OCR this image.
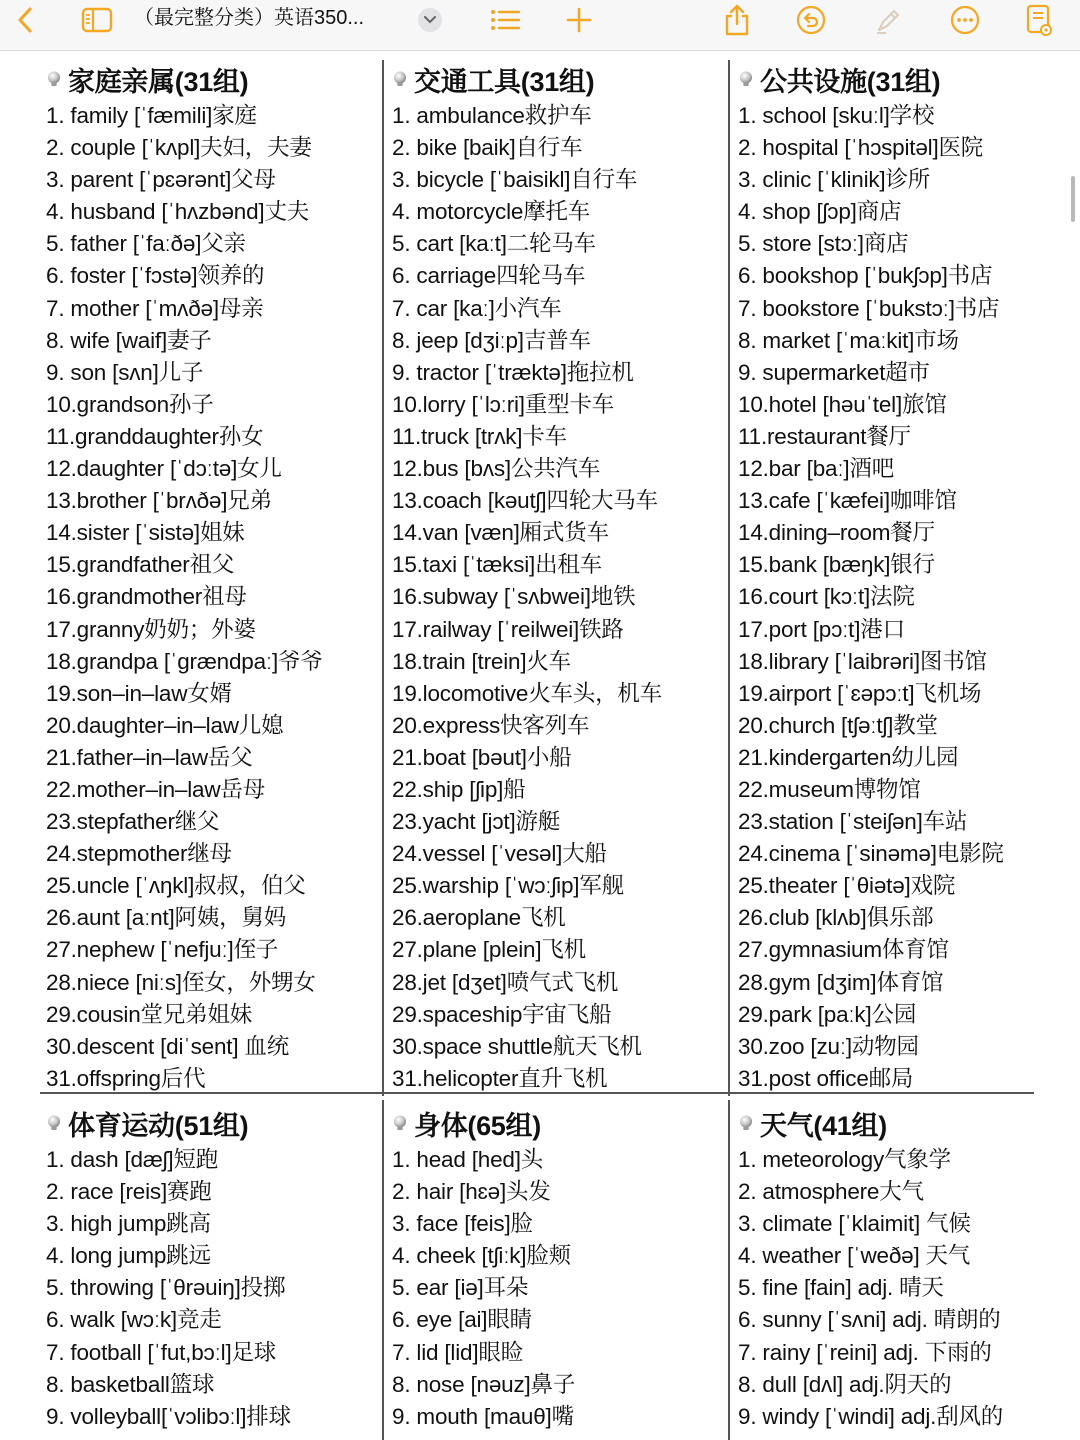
（最完整分类）英语350...
家庭亲属(31组)
1. family [ˈfæmili]家庭
2. couple [ˈkʌpl]夫妇，夫妻
3. parent [ˈpɛərənt]父母
4. husband [ˈhʌzbənd]丈夫
5. father [ˈfaːðə]父亲
6. foster [ˈfɔstə]领养的
7. mother [ˈmʌðə]母亲
8. wife [waif]妻子
9. son [sʌn]儿子
10.grandson孙子
11.granddaughter孙女
12.daughter [ˈdɔːtə]女儿
13.brother [ˈbrʌðə]兄弟
14.sister [ˈsistə]姐妹
15.grandfather祖父
16.grandmother祖母
17.granny奶奶；外婆
18.grandpa [ˈgrændpaː]爷爷
19.son–in–law女婿
20.daughter–in–law儿媳
21.father–in–law岳父
22.mother–in–law岳母
23.stepfather继父
24.stepmother继母
25.uncle [ˈʌŋkl]叔叔，伯父
26.aunt [aːnt]阿姨，舅妈
27.nephew [ˈnefjuː]侄子
28.niece [niːs]侄女，外甥女
29.cousin堂兄弟姐妹
30.descent [diˈsent] 血统
31.offspring后代
交通工具(31组)
1. ambulance救护车
2. bike [baik]自行车
3. bicycle [ˈbaisikl]自行车
4. motorcycle摩托车
5. cart [kaːt]二轮马车
6. carriage四轮马车
7. car [kaː]小汽车
8. jeep [dʒiːp]吉普车
9. tractor [ˈtræktə]拖拉机
10.lorry [ˈlɔːri]重型卡车
11.truck [trʌk]卡车
12.bus [bʌs]公共汽车
13.coach [kəutʃ]四轮大马车
14.van [væn]厢式货车
15.taxi [ˈtæksi]出租车
16.subway [ˈsʌbwei]地铁
17.railway [ˈreilwei]铁路
18.train [trein]火车
19.locomotive火车头，机车
20.express快客列车
21.boat [bəut]小船
22.ship [ʃip]船
23.yacht [jɔt]游艇
24.vessel [ˈvesəl]大船
25.warship [ˈwɔːʃip]军舰
26.aeroplane飞机
27.plane [plein]飞机
28.jet [dʒet]喷气式飞机
29.spaceship宇宙飞船
30.space shuttle航天飞机
31.helicopter直升飞机
公共设施(31组)
1. school [skuːl]学校
2. hospital [ˈhɔspitəl]医院
3. clinic [ˈklinik]诊所
4. shop [ʃɔp]商店
5. store [stɔː]商店
6. bookshop [ˈbukʃɔp]书店
7. bookstore [ˈbukstɔː]书店
8. market [ˈmaːkit]市场
9. supermarket超市
10.hotel [həuˈtel]旅馆
11.restaurant餐厅
12.bar [baː]酒吧
13.cafe [ˈkæfei]咖啡馆
14.dining–room餐厅
15.bank [bæŋk]银行
16.court [kɔːt]法院
17.port [pɔːt]港口
18.library [ˈlaibrəri]图书馆
19.airport [ˈɛəpɔːt]飞机场
20.church [tʃəːtʃ]教堂
21.kindergarten幼儿园
22.museum博物馆
23.station [ˈsteiʃən]车站
24.cinema [ˈsinəmə]电影院
25.theater [ˈθiətə]戏院
26.club [klʌb]俱乐部
27.gymnasium体育馆
28.gym [dʒim]体育馆
29.park [paːk]公园
30.zoo [zuː]动物园
31.post office邮局
体育运动(51组)
1. dash [dæʃ]短跑
2. race [reis]赛跑
3. high jump跳高
4. long jump跳远
5. throwing [ˈθrəuiŋ]投掷
6. walk [wɔːk]竞走
7. football [ˈfut,bɔːl]足球
8. basketball篮球
9. volleyball[ˈvɔlibɔːl]排球
身体(65组)
1. head [hed]头
2. hair [hɛə]头发
3. face [feis]脸
4. cheek [tʃiːk]脸颊
5. ear [iə]耳朵
6. eye [ai]眼睛
7. lid [lid]眼睑
8. nose [nəuz]鼻子
9. mouth [mauθ]嘴
天气(41组)
1. meteorology气象学
2. atmosphere大气
3. climate [ˈklaimit] 气候
4. weather [ˈweðə] 天气
5. fine [fain] adj. 晴天
6. sunny [ˈsʌni] adj. 晴朗的
7. rainy [ˈreini] adj. 下雨的
8. dull [dʌl] adj.阴天的
9. windy [ˈwindi] adj.刮风的
